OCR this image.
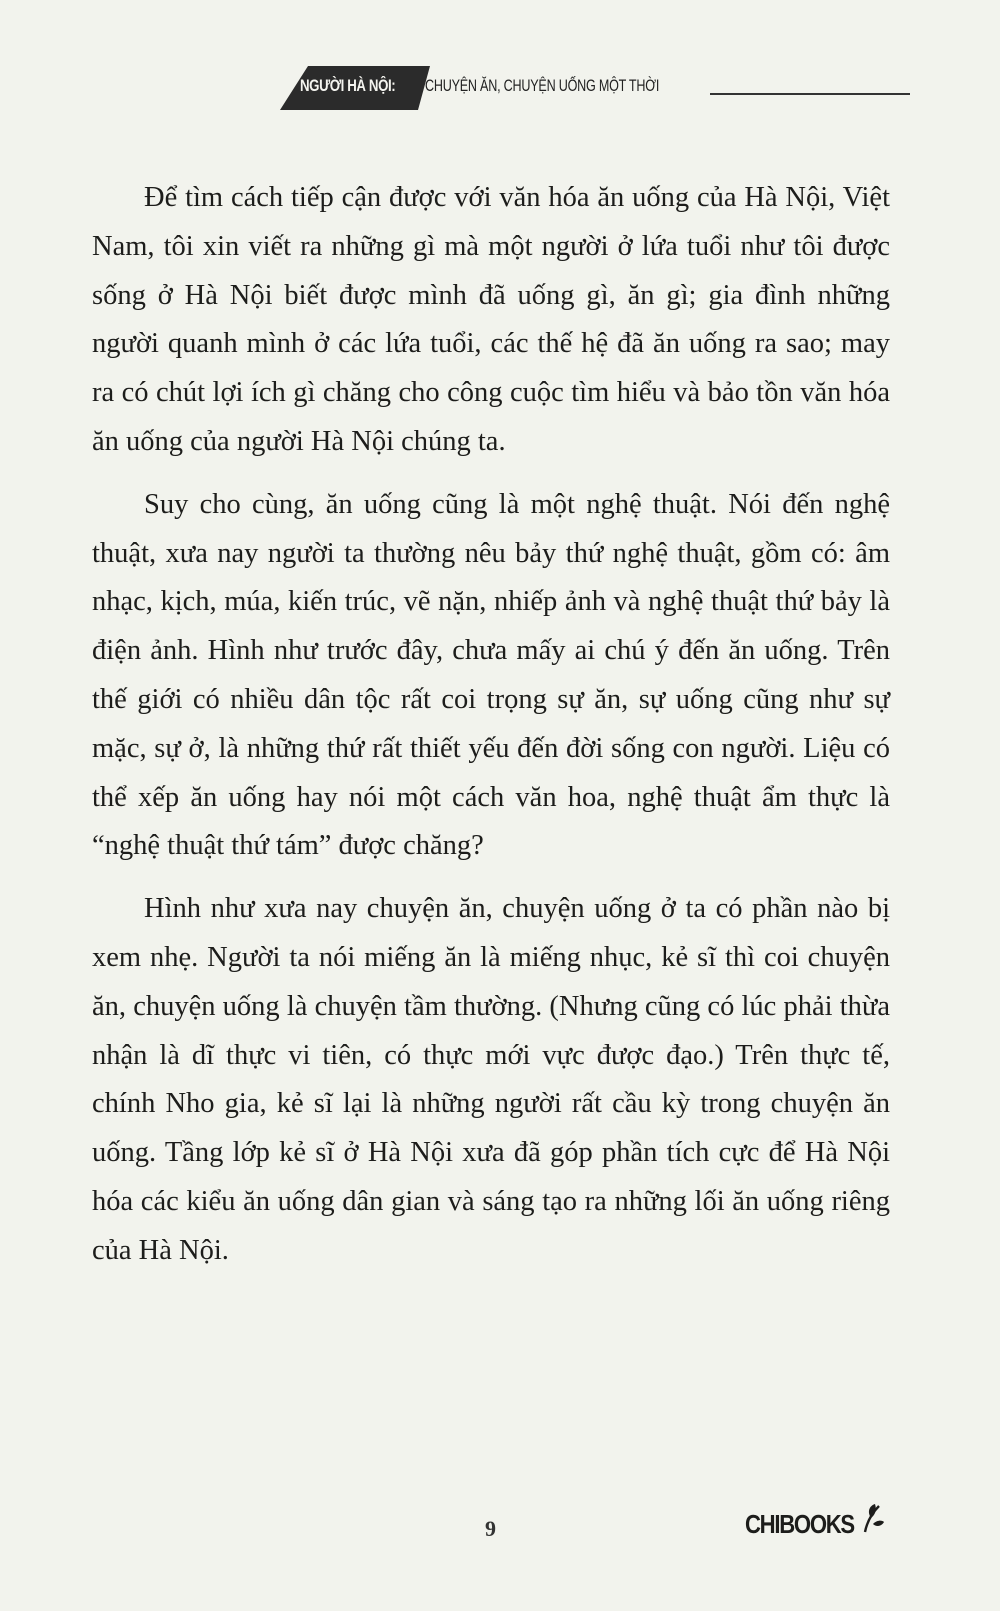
NGƯỜI HÀ NỘI: CHUYỆN ĂN, CHUYỆN UỐNG MỘT THỜI

Để tìm cách tiếp cận được với văn hóa ăn uống của Hà Nội, Việt Nam, tôi xin viết ra những gì mà một người ở lứa tuổi như tôi được sống ở Hà Nội biết được mình đã uống gì, ăn gì; gia đình những người quanh mình ở các lứa tuổi, các thế hệ đã ăn uống ra sao; may ra có chút lợi ích gì chăng cho công cuộc tìm hiểu và bảo tồn văn hóa ăn uống của người Hà Nội chúng ta.

Suy cho cùng, ăn uống cũng là một nghệ thuật. Nói đến nghệ thuật, xưa nay người ta thường nêu bảy thứ nghệ thuật, gồm có: âm nhạc, kịch, múa, kiến trúc, vẽ nặn, nhiếp ảnh và nghệ thuật thứ bảy là điện ảnh. Hình như trước đây, chưa mấy ai chú ý đến ăn uống. Trên thế giới có nhiều dân tộc rất coi trọng sự ăn, sự uống cũng như sự mặc, sự ở, là những thứ rất thiết yếu đến đời sống con người. Liệu có thể xếp ăn uống hay nói một cách văn hoa, nghệ thuật ẩm thực là “nghệ thuật thứ tám” được chăng?

Hình như xưa nay chuyện ăn, chuyện uống ở ta có phần nào bị xem nhẹ. Người ta nói miếng ăn là miếng nhục, kẻ sĩ thì coi chuyện ăn, chuyện uống là chuyện tầm thường. (Nhưng cũng có lúc phải thừa nhận là dĩ thực vi tiên, có thực mới vực được đạo.) Trên thực tế, chính Nho gia, kẻ sĩ lại là những người rất cầu kỳ trong chuyện ăn uống. Tầng lớp kẻ sĩ ở Hà Nội xưa đã góp phần tích cực để Hà Nội hóa các kiểu ăn uống dân gian và sáng tạo ra những lối ăn uống riêng của Hà Nội.

9	CHIBOOKS
